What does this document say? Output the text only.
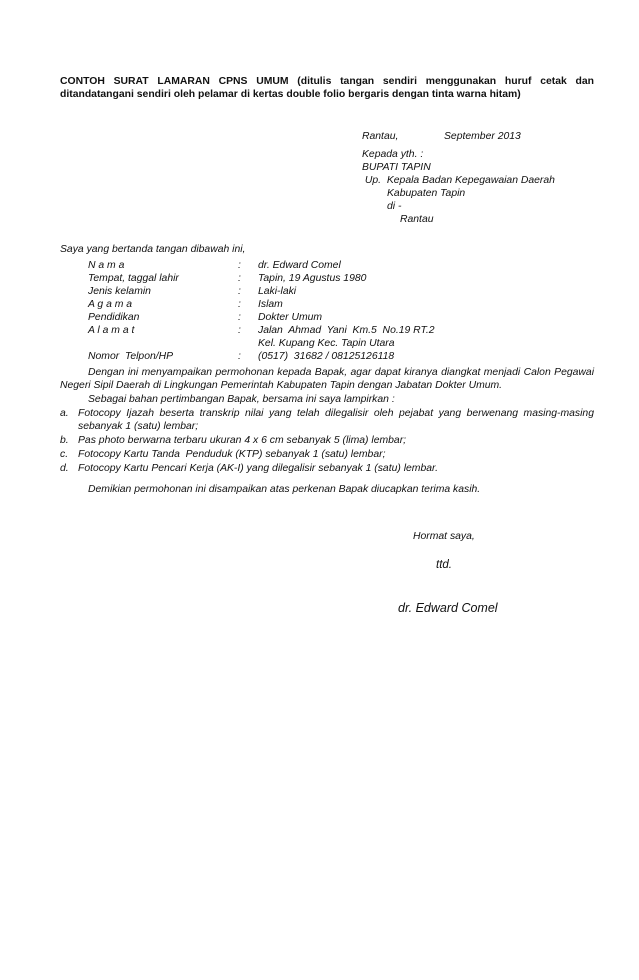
CONTOH SURAT LAMARAN CPNS UMUM (ditulis tangan sendiri menggunakan huruf cetak dan ditandatangani sendiri oleh pelamar di kertas double folio bergaris dengan tinta warna hitam)
Rantau,	September 2013
Kepada yth. :
BUPATI TAPIN
Up.  Kepala Badan Kepegawaian Daerah
Kabupaten Tapin
di -
Rantau
Saya yang bertanda tangan dibawah ini,
N a m a	: dr. Edward Comel
Tempat, taggal lahir	: Tapin, 19 Agustus 1980
Jenis kelamin	: Laki-laki
A g a m a	: Islam
Pendidikan	: Dokter Umum
A l a m a t	: Jalan  Ahmad  Yani  Km.5  No.19 RT.2
Kel. Kupang Kec. Tapin Utara
Nomor  Telpon/HP	: (0517)  31682 / 08125126118
Dengan ini menyampaikan permohonan kepada Bapak, agar dapat kiranya diangkat menjadi Calon Pegawai Negeri Sipil Daerah di Lingkungan Pemerintah Kabupaten Tapin dengan Jabatan Dokter Umum.
Sebagai bahan pertimbangan Bapak, bersama ini saya lampirkan :
a. Fotocopy Ijazah beserta transkrip nilai yang telah dilegalisir oleh pejabat yang berwenang masing-masing sebanyak 1 (satu) lembar;
b. Pas photo berwarna terbaru ukuran 4 x 6 cm sebanyak 5 (lima) lembar;
c. Fotocopy Kartu Tanda  Penduduk (KTP) sebanyak 1 (satu) lembar;
d. Fotocopy Kartu Pencari Kerja (AK-I) yang dilegalisir sebanyak 1 (satu) lembar.
Demikian permohonan ini disampaikan atas perkenan Bapak diucapkan terima kasih.
Hormat saya,
ttd.
dr. Edward Comel
